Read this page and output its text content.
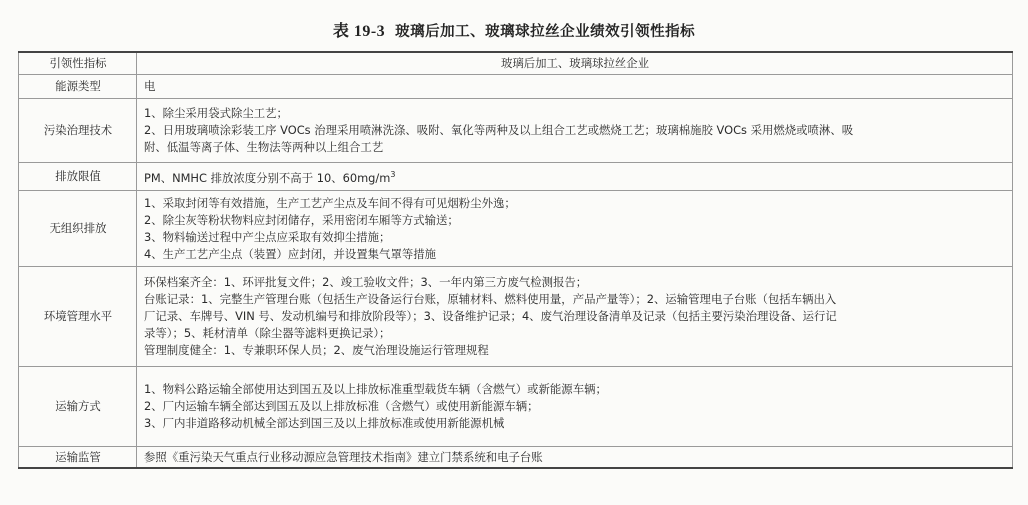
表 19-3 玻璃后加工、玻璃球拉丝企业绩效引领性指标
引领性指标	玻璃后加工、玻璃球拉丝企业
能源类型	电

污染治理技术	1、除尘采用袋式除尘工艺；
2、日用玻璃喷涂彩装工序 VOCs 治理采用喷淋洗涤、吸附、氧化等两种及以上组合工艺或燃烧工艺；玻璃棉施胶 VOCs 采用燃烧或喷淋、吸
附、低温等离子体、生物法等两种以上组合工艺

排放限值	PM、NMHC 排放浓度分别不高于 10、$60mg/m^3$

无组织排放	1、采取封闭等有效措施，生产工艺产尘点及车间不得有可见烟粉尘外逸；
2、除尘灰等粉状物料应封闭储存，采用密闭车厢等方式输送；
3、物料输送过程中产尘点应采取有效抑尘措施；
4、生产工艺产尘点（装置）应封闭，并设置集气罩等措施

环境管理水平	环保档案齐全：1、环评批复文件；2、竣工验收文件；3、一年内第三方废气检测报告；
台账记录：1、完整生产管理台账（包括生产设备运行台账，原辅材料、燃料使用量，产品产量等）；2、运输管理电子台账（包括车辆出入
厂记录、车牌号、VIN 号、发动机编号和排放阶段等）；3、设备维护记录；4、废气治理设备清单及记录（包括主要污染治理设备、运行记
录等）；5、耗材清单（除尘器等滤料更换记录）；
管理制度健全：1、专兼职环保人员；2、废气治理设施运行管理规程

运输方式	1、物料公路运输全部使用达到国五及以上排放标准重型载货车辆（含燃气）或新能源车辆；
2、厂内运输车辆全部达到国五及以上排放标准（含燃气）或使用新能源车辆；
3、厂内非道路移动机械全部达到国三及以上排放标准或使用新能源机械

运输监管	参照《重污染天气重点行业移动源应急管理技术指南》建立门禁系统和电子台账
